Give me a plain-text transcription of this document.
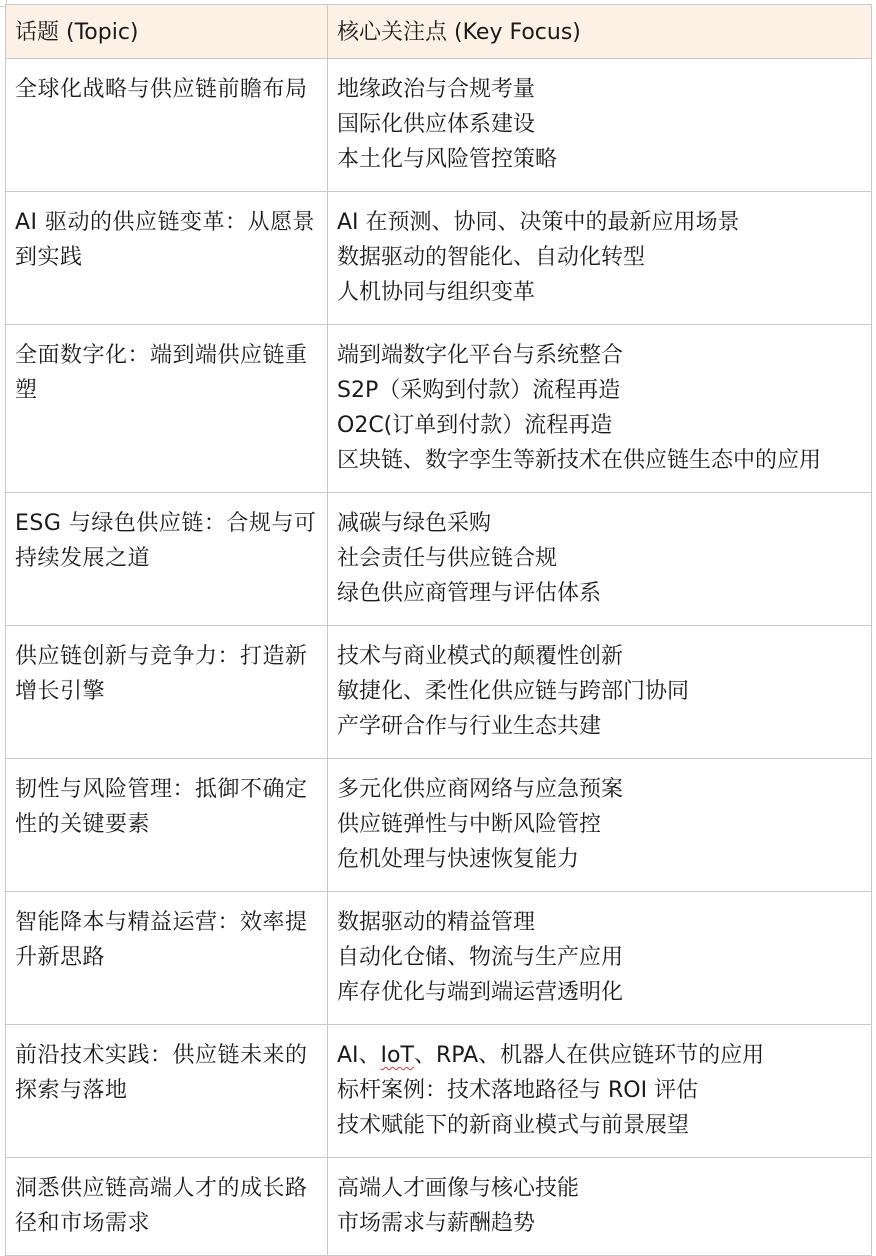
话题 (Topic)	核心关注点 (Key Focus)

全球化战略与供应链前瞻布局	地缘政治与合规考量
国际化供应体系建设
本土化与风险管控策略

AI 驱动的供应链变革：从愿景到实践	AI 在预测、协同、决策中的最新应用场景
数据驱动的智能化、自动化转型
人机协同与组织变革

全面数字化：端到端供应链重塑	端到端数字化平台与系统整合
S2P（采购到付款）流程再造
O2C(订单到付款）流程再造
区块链、数字孪生等新技术在供应链生态中的应用

ESG 与绿色供应链：合规与可持续发展之道	减碳与绿色采购
社会责任与供应链合规
绿色供应商管理与评估体系

供应链创新与竞争力：打造新增长引擎	技术与商业模式的颠覆性创新
敏捷化、柔性化供应链与跨部门协同
产学研合作与行业生态共建

韧性与风险管理：抵御不确定性的关键要素	多元化供应商网络与应急预案
供应链弹性与中断风险管控
危机处理与快速恢复能力

智能降本与精益运营：效率提升新思路	数据驱动的精益管理
自动化仓储、物流与生产应用
库存优化与端到端运营透明化

前沿技术实践：供应链未来的探索与落地	AI、IoT、RPA、机器人在供应链环节的应用
标杆案例：技术落地路径与 ROI 评估
技术赋能下的新商业模式与前景展望

洞悉供应链高端人才的成长路径和市场需求	高端人才画像与核心技能
市场需求与薪酬趋势
